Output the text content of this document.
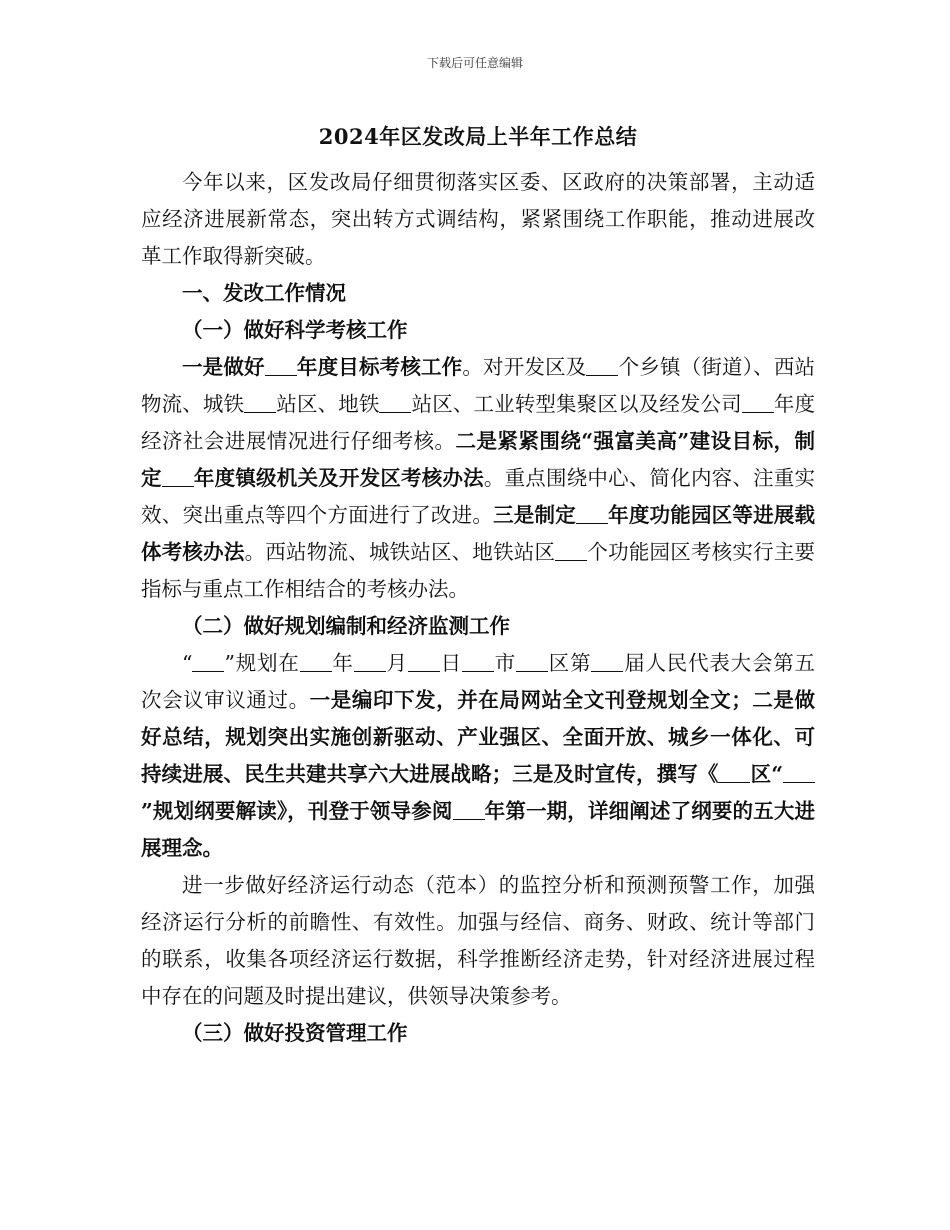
下载后可任意编辑
2024年区发改局上半年工作总结

今年以来，区发改局仔细贯彻落实区委、区政府的决策部署，主动适应经济进展新常态，突出转方式调结构，紧紧围绕工作职能，推动进展改革工作取得新突破。

一、发改工作情况

（一）做好科学考核工作

一是做好 年度目标考核工作。对开发区及 个乡镇（街道）、西站物流、城铁 站区、地铁 站区、工业转型集聚区以及经发公司 年度经济社会进展情况进行仔细考核。二是紧紧围绕“强富美高”建设目标，制定 年度镇级机关及开发区考核办法。重点围绕中心、简化内容、注重实效、突出重点等四个方面进行了改进。三是制定 年度功能园区等进展载体考核办法。西站物流、城铁站区、地铁站区 个功能园区考核实行主要指标与重点工作相结合的考核办法。

（二）做好规划编制和经济监测工作

“ ”规划在 年 月 日 市 区第 届人民代表大会第五次会议审议通过。一是编印下发，并在局网站全文刊登规划全文；二是做好总结，规划突出实施创新驱动、产业强区、全面开放、城乡一体化、可持续进展、民生共建共享六大进展战略；三是及时宣传，撰写《 区“”规划纲要解读》，刊登于领导参阅 年第一期，详细阐述了纲要的五大进展理念。

进一步做好经济运行动态（范本）的监控分析和预测预警工作，加强经济运行分析的前瞻性、有效性。加强与经信、商务、财政、统计等部门的联系，收集各项经济运行数据，科学推断经济走势，针对经济进展过程中存在的问题及时提出建议，供领导决策参考。

（三）做好投资管理工作
